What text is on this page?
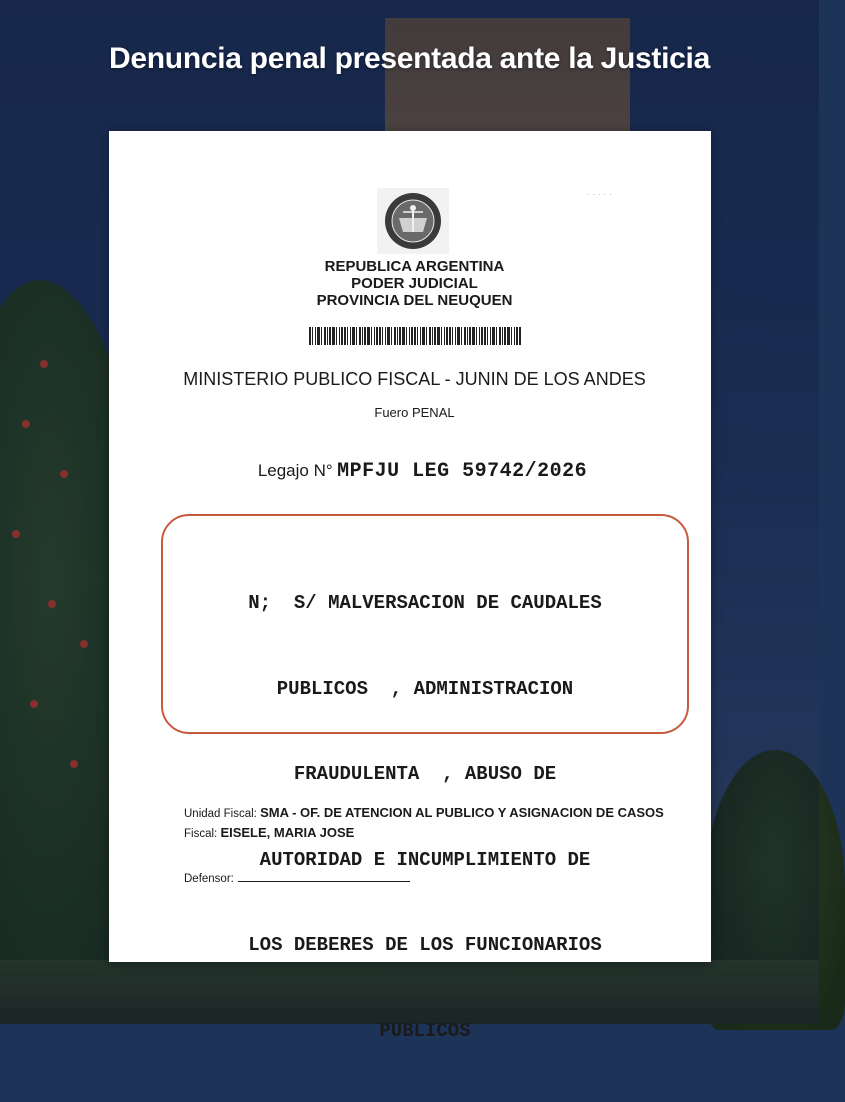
Denuncia penal presentada ante la Justicia
· · · · ·
REPUBLICA ARGENTINA
PODER JUDICIAL
PROVINCIA DEL NEUQUEN
MINISTERIO PUBLICO FISCAL - JUNIN DE LOS ANDES
Fuero PENAL
Legajo N° MPFJU LEG 59742/2026

N;  S/ MALVERSACION DE CAUDALES

PUBLICOS  , ADMINISTRACION

FRAUDULENTA  , ABUSO DE

AUTORIDAD E INCUMPLIMIENTO DE

LOS DEBERES DE LOS FUNCIONARIOS

PUBLICOS

Unidad Fiscal: SMA - OF. DE ATENCION AL PUBLICO Y ASIGNACION DE CASOS
Fiscal: EISELE, MARIA JOSE
Defensor:
